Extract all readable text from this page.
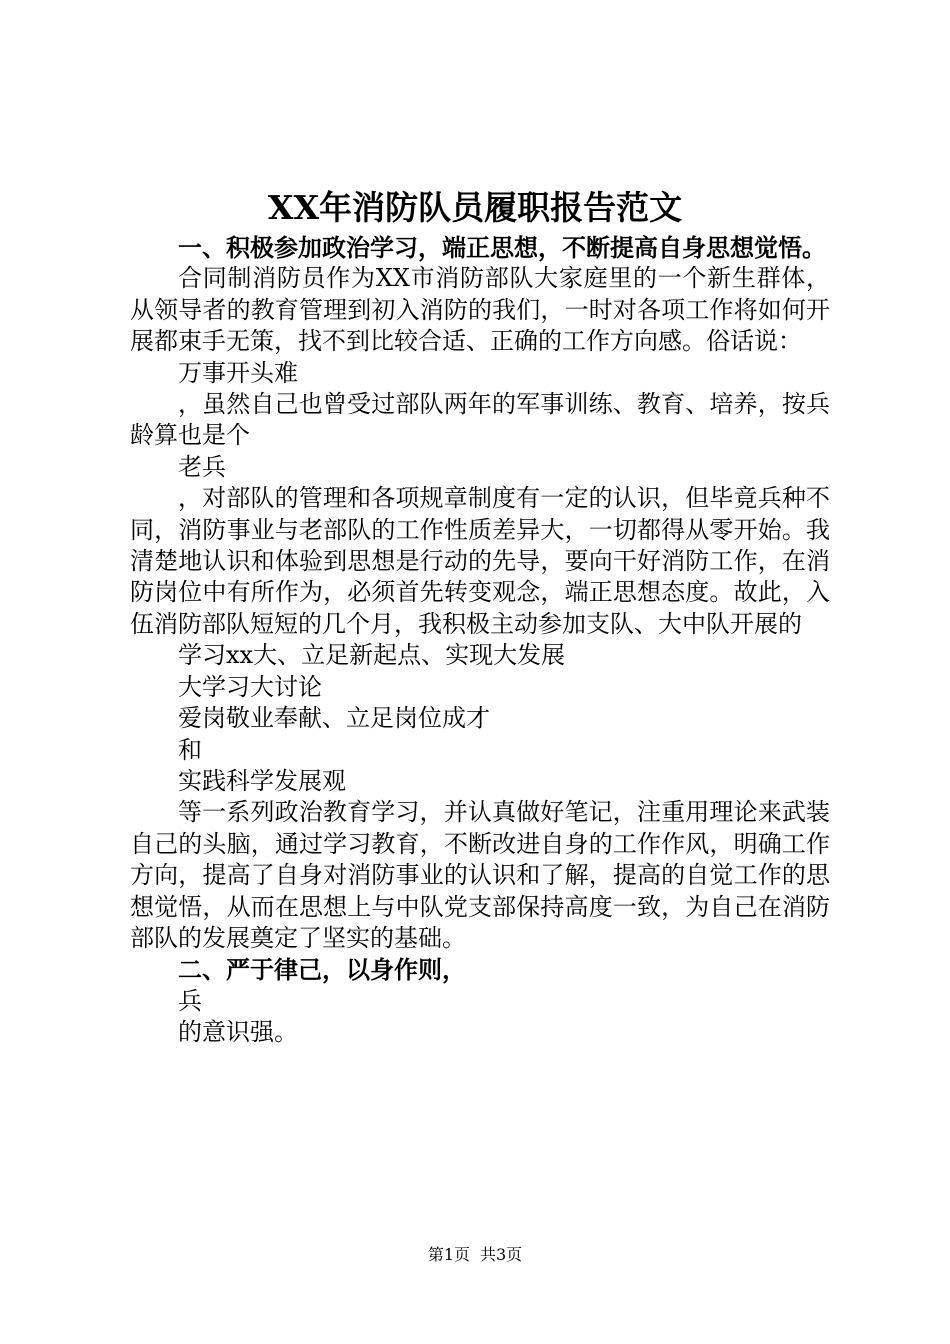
XX年消防队员履职报告范文

一、积极参加政治学习，端正思想，不断提高自身思想觉悟。

合同制消防员作为XX市消防部队大家庭里的一个新生群体，从领导者的教育管理到初入消防的我们，一时对各项工作将如何开展都束手无策，找不到比较合适、正确的工作方向感。俗话说：

万事开头难

，虽然自己也曾受过部队两年的军事训练、教育、培养，按兵龄算也是个

老兵

，对部队的管理和各项规章制度有一定的认识，但毕竟兵种不同，消防事业与老部队的工作性质差异大，一切都得从零开始。我清楚地认识和体验到思想是行动的先导，要向干好消防工作，在消防岗位中有所作为，必须首先转变观念，端正思想态度。故此，入伍消防部队短短的几个月，我积极主动参加支队、大中队开展的

学习xx大、立足新起点、实现大发展

大学习大讨论

爱岗敬业奉献、立足岗位成才

和

实践科学发展观

等一系列政治教育学习，并认真做好笔记，注重用理论来武装自己的头脑，通过学习教育，不断改进自身的工作作风，明确工作方向，提高了自身对消防事业的认识和了解，提高的自觉工作的思想觉悟，从而在思想上与中队党支部保持高度一致，为自己在消防部队的发展奠定了坚实的基础。

二、严于律己，以身作则，

兵

的意识强。

第1页 共3页
